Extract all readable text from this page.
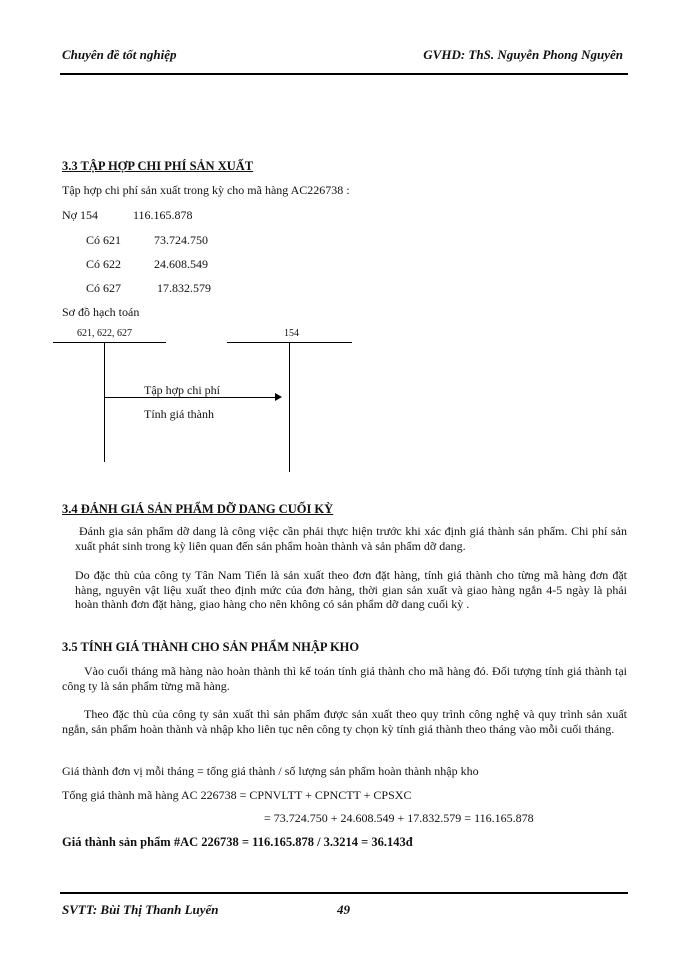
Chuyên đề tốt nghiệp	GVHD: ThS. Nguyễn Phong Nguyên
3.3 TẬP HỢP CHI PHÍ SẢN XUẤT
Tập hợp chi phí sản xuất trong kỳ cho mã hàng AC226738 :
Nợ 154	116.165.878
Có 621	73.724.750
Có 622	24.608.549
Có 627	17.832.579
Sơ đồ hạch toán
621, 622, 627	154
Tập hợp chi phí
Tính giá thành
3.4 ĐÁNH GIÁ SẢN PHẨM DỠ DANG CUỐI KỲ
Đánh gia sản phẩm dỡ dang là công việc cần phải thực hiện trước khi xác định giá thành sản phẩm. Chi phí sản xuất phát sinh trong kỳ liên quan đến sản phẩm hoàn thành và sản phẩm dỡ dang.
Do đặc thù của công ty Tân Nam Tiến là sản xuất theo đơn đặt hàng, tính giá thành cho từng mã hàng đơn đặt hàng, nguyên vật liệu xuất theo định mức của đơn hàng, thời gian sản xuất và giao hàng ngắn 4-5 ngày là phải hoàn thành đơn đặt hàng, giao hàng cho nên không có sản phẩm dỡ dang cuối kỳ .
3.5 TÍNH GIÁ THÀNH CHO SẢN PHẨM NHẬP KHO
Vào cuối tháng mã hàng nào hoàn thành thì kế toán tính giá thành cho mã hàng đó. Đối tượng tính giá thành tại công ty là sản phẩm từng mã hàng.
Theo đặc thù của công ty sản xuất thì sản phẩm được sản xuất theo quy trình công nghệ và quy trình sản xuất ngắn, sản phẩm hoàn thành và nhập kho liên tục nên công ty chọn kỳ tính giá thành theo tháng vào mỗi cuối tháng.
Giá thành đơn vị mỗi tháng = tổng giá thành / số lượng sản phẩm hoàn thành nhập kho
Tổng giá thành mã hàng AC 226738 = CPNVLTT + CPNCTT + CPSXC
= 73.724.750 + 24.608.549 + 17.832.579 = 116.165.878
Giá thành sản phẩm #AC 226738 = 116.165.878 / 3.3214 = 36.143đ
SVTT: Bùi Thị Thanh Luyến	49
